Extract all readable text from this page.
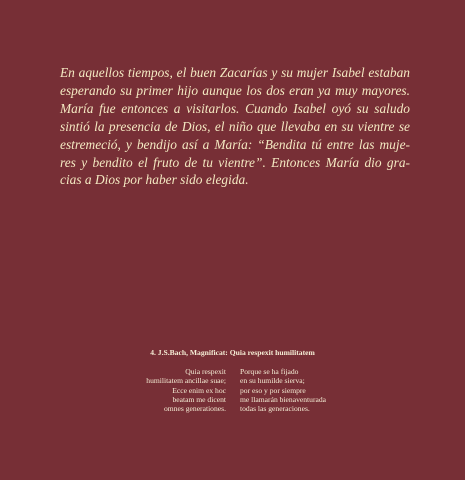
En aquellos tiempos, el buen Zacarías y su mujer Isabel estaban
esperando su primer hijo aunque los dos eran ya muy mayores.
María fue entonces a visitarlos. Cuando Isabel oyó su saludo
sintió la presencia de Dios, el niño que llevaba en su vientre se
estremeció, y bendijo así a María: “Bendita tú entre las muje-
res y bendito el fruto de tu vientre”. Entonces María dio gra-
cias a Dios por haber sido elegida.

4. J.S.Bach, Magnificat: Quia respexit humilitatem
Quia respexit
humilitatem ancillae suae;
Ecce enim ex hoc
beatam me dicent
omnes generationes.
Porque se ha fijado
en su humilde sierva;
por eso y por siempre
me llamarán bienaventurada
todas las generaciones.
